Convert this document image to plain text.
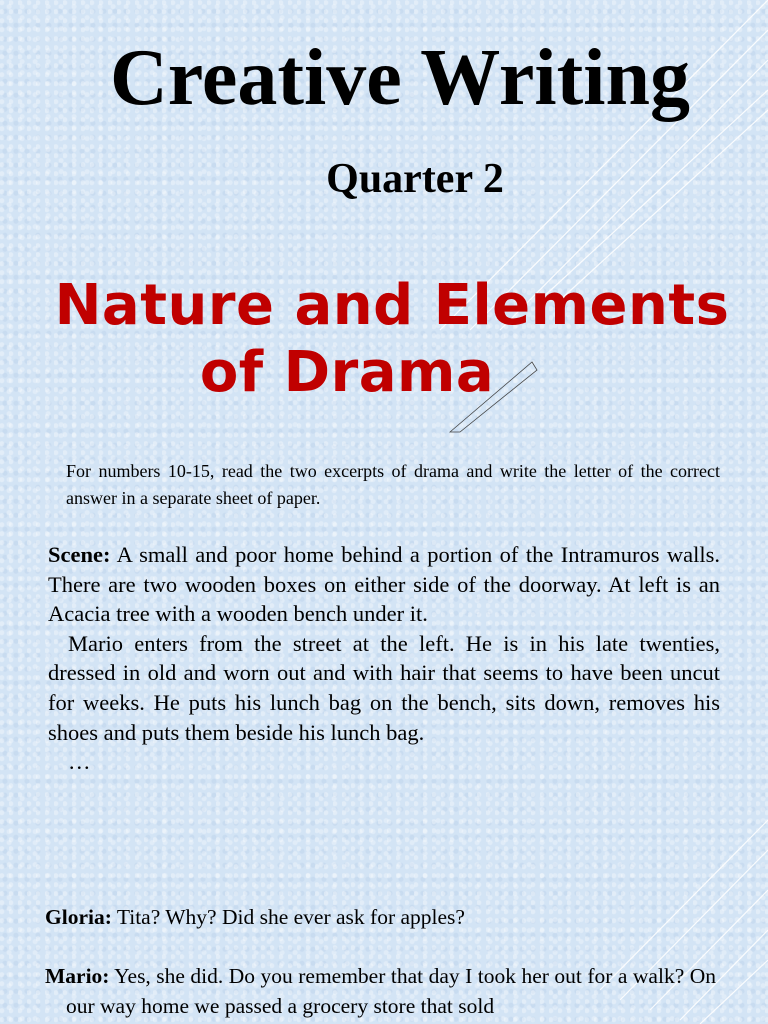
Creative Writing
Quarter 2
Nature and Elements
of Drama

For numbers 10-15, read the two excerpts of drama and write the letter of the correct answer in a separate sheet of paper.

Scene: A small and poor home behind a portion of the Intramuros walls. There are two wooden boxes on either side of the doorway. At left is an Acacia tree with a wooden bench under it.

Mario enters from the street at the left. He is in his late twenties, dressed in old and worn out and with hair that seems to have been uncut for weeks. He puts his lunch bag on the bench, sits down, removes his shoes and puts them beside his lunch bag.

…

Gloria: Tita? Why? Did she ever ask for apples?

Mario: Yes, she did. Do you remember that day I took her out for a walk? On our way home we passed a grocery store that sold
